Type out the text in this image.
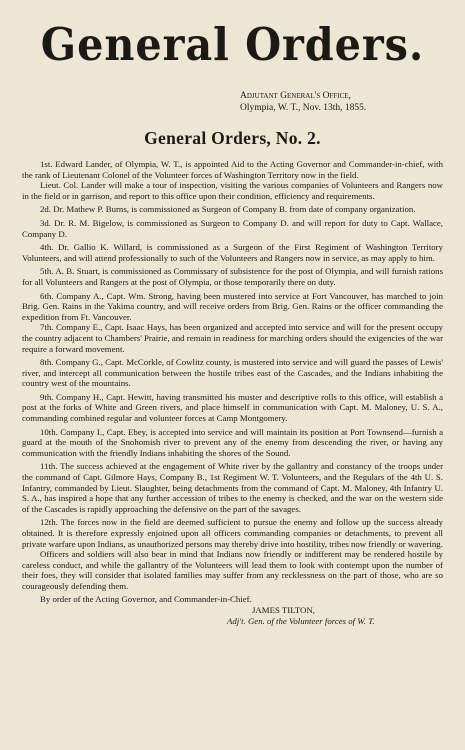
General Orders.
Adjutant General's Office,
Olympia, W. T., Nov. 13th, 1855.
General Orders, No. 2.

1st. Edward Lander, of Olympia, W. T., is appointed Aid to the Acting Governor and Commander-in-chief, with the rank of Lieutenant Colonel of the Volunteer forces of Washington Territory now in the field.

Lieut. Col. Lander will make a tour of inspection, visiting the various companies of Volunteers and Rangers now in the field or in garrison, and report to this office upon their condition, efficiency and requirements.

2d. Dr. Mathew P. Burns, is commissioned as Surgeon of Company B. from date of company organization.

3d. Dr. R. M. Bigelow, is commissioned as Surgeon to Company D. and will report for duty to Capt. Wallace, Company D.

4th. Dr. Gallio K. Willard, is commissioned as a Surgeon of the First Regiment of Washington Territory Volunteers, and will attend professionally to such of the Volunteers and Rangers now in service, as may apply to him.

5th. A. B. Stuart, is commissioned as Commissary of subsistence for the post of Olympia, and will furnish rations for all Volunteers and Rangers at the post of Olympia, or those temporarily there on duty.

6th. Company A., Capt. Wm. Strong, having been mustered into service at Fort Vancouver, has marched to join Brig. Gen. Rains in the Yakima country, and will receive orders from Brig. Gen. Rains or the officer commanding the expedition from Ft. Vancouver.

7th. Company E., Capt. Isaac Hays, has been organized and accepted into service and will for the present occupy the country adjacent to Chambers' Prairie, and remain in readiness for marching orders should the exigencies of the war require a forward movement.

8th. Company G., Capt. McCorkle, of Cowlitz county, is mustered into service and will guard the passes of Lewis' river, and intercept all communication between the hostile tribes east of the Cascades, and the Indians inhabiting the country west of the mountains.

9th. Company H., Capt. Hewitt, having transmitted his muster and descriptive rolls to this office, will establish a post at the forks of White and Green rivers, and place himself in communication with Capt. M. Maloney, U. S. A., commanding combined regular and volunteer forces at Camp Montgomery.

10th. Company I., Capt. Ebey, is accepted into service and will maintain its position at Port Townsend—furnish a guard at the mouth of the Snohomish river to prevent any of the enemy from descending the river, or having any communication with the friendly Indians inhabiting the shores of the Sound.

11th. The success achieved at the engagement of White river by the gallantry and constancy of the troops under the command of Capt. Gilmore Hays, Company B., 1st Regiment W. T. Volunteers, and the Regulars of the 4th U. S. Infantry, commanded by Lieut. Slaughter, being detachments from the command of Capt. M. Maloney, 4th Infantry U. S. A., has inspired a hope that any further accession of tribes to the enemy is checked, and the war on the western side of the Cascades is rapidly approaching the defensive on the part of the savages.

12th. The forces now in the field are deemed sufficient to pursue the enemy and follow up the success already obtained. It is therefore expressly enjoined upon all officers commanding companies or detachments, to prevent all private warfare upon Indians, as unauthorized persons may thereby drive into hostility, tribes now friendly or wavering.

Officers and soldiers will also bear in mind that Indians now friendly or indifferent may be rendered hostile by careless conduct, and while the gallantry of the Volunteers will lead them to look with contempt upon the number of their foes, they will consider that isolated families may suffer from any recklessness on the part of those, who are so courageously defending them.

By order of the Acting Governor, and Commander-in-Chief.
JAMES TILTON,
Adj't. Gen. of the Volunteer forces of W. T.
